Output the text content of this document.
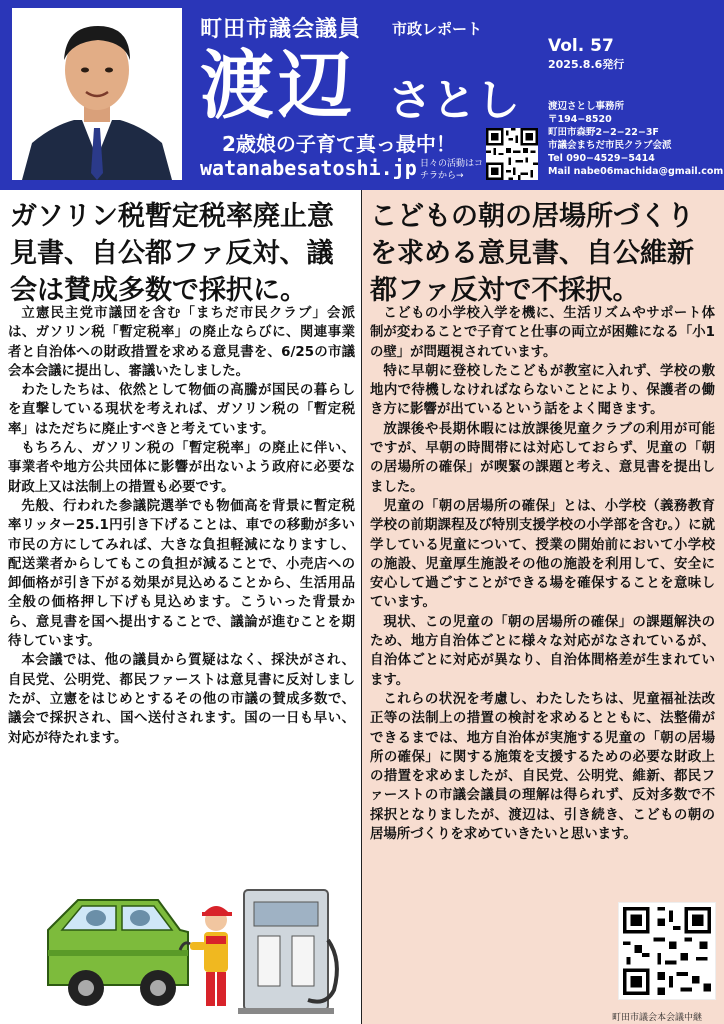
町田市議会議員 市政レポート
Vol. 57
2025.8.6発行
渡辺 さとし
2歳娘の子育て真っ最中！
watanabesatoshi.jp 日々の活動はコチラから→
渡辺さとし事務所
〒194−8520
町田市森野2−2−22−3F
市議会まちだ市民クラブ会派
Tel 090−4529−5414
Mail nabe06machida@gmail.com
ガソリン税暫定税率廃止意見書、自公都ファ反対、議会は賛成多数で採択に。

立憲民主党市議団を含む「まちだ市民クラブ」会派は、ガソリン税「暫定税率」の廃止ならびに、関連事業者と自治体への財政措置を求める意見書を、6/25の市議会本会議に提出し、審議いたしました。

わたしたちは、依然として物価の高騰が国民の暮らしを直撃している現状を考えれば、ガソリン税の「暫定税率」はただちに廃止すべきと考えています。

もちろん、ガソリン税の「暫定税率」の廃止に伴い、事業者や地方公共団体に影響が出ないよう政府に必要な財政上又は法制上の措置も必要です。

先般、行われた参議院選挙でも物価高を背景に暫定税率リッター25.1円引き下げることは、車での移動が多い市民の方にしてみれば、大きな負担軽減になりますし、配送業者からしてもこの負担が減ることで、小売店への卸価格が引き下がる効果が見込めることから、生活用品全般の価格押し下げも見込めます。こういった背景から、意見書を国へ提出することで、議論が進むことを期待しています。

本会議では、他の議員から質疑はなく、採決がされ、自民党、公明党、都民ファーストは意見書に反対しましたが、立憲をはじめとするその他の市議の賛成多数で、議会で採択され、国へ送付されます。国の一日も早い、対応が待たれます。

こどもの朝の居場所づくりを求める意見書、自公維新都ファ反対で不採択。

こどもの小学校入学を機に、生活リズムやサポート体制が変わることで子育てと仕事の両立が困難になる「小1の壁」が問題視されています。

特に早朝に登校したこどもが教室に入れず、学校の敷地内で待機しなければならないことにより、保護者の働き方に影響が出ているという話をよく聞きます。

放課後や長期休暇には放課後児童クラブの利用が可能ですが、早朝の時間帯には対応しておらず、児童の「朝の居場所の確保」が喫緊の課題と考え、意見書を提出しました。

児童の「朝の居場所の確保」とは、小学校（義務教育学校の前期課程及び特別支援学校の小学部を含む。）に就学している児童について、授業の開始前において小学校の施設、児童厚生施設その他の施設を利用して、安全に安心して過ごすことができる場を確保することを意味しています。

現状、この児童の「朝の居場所の確保」の課題解決のため、地方自治体ごとに様々な対応がなされているが、自治体ごとに対応が異なり、自治体間格差が生まれています。

これらの状況を考慮し、わたしたちは、児童福祉法改正等の法制上の措置の検討を求めるとともに、法整備ができるまでは、地方自治体が実施する児童の「朝の居場所の確保」に関する施策を支援するための必要な財政上の措置を求めましたが、自民党、公明党、維新、都民ファーストの市議会議員の理解は得られず、反対多数で不採択となりましたが、渡辺は、引き続き、こどもの朝の居場所づくりを求めていきたいと思います。

町田市議会本会議中継
